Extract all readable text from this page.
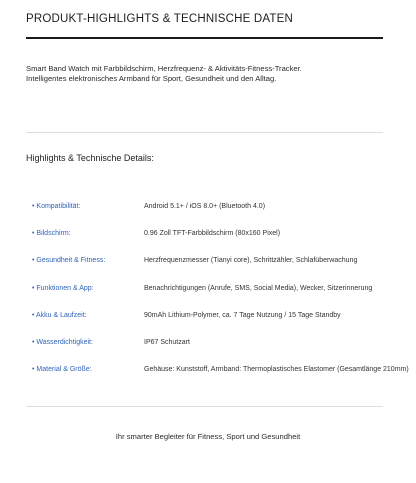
PRODUKT-HIGHLIGHTS & TECHNISCHE DATEN
Smart Band Watch mit Farbbildschirm, Herzfrequenz- & Aktivitäts-Fitness-Tracker.
Intelligentes elektronisches Armband für Sport, Gesundheit und den Alltag.
Highlights & Technische Details:
• Kompatibilität:	Android 5.1+ / iOS 8.0+ (Bluetooth 4.0)
• Bildschirm:	0.96 Zoll TFT-Farbbildschirm (80x160 Pixel)
• Gesundheit & Fitness:	Herzfrequenzmesser (Tianyi core), Schrittzähler, Schlafüberwachung
• Funktionen & App:	Benachrichtigungen (Anrufe, SMS, Social Media), Wecker, Sitzerinnerung
• Akku & Laufzeit:	90mAh Lithium-Polymer, ca. 7 Tage Nutzung / 15 Tage Standby
• Wasserdichtigkeit:	IP67 Schutzart
• Material & Größe:	Gehäuse: Kunststoff, Armband: Thermoplastisches Elastomer (Gesamtlänge 210mm)
Ihr smarter Begleiter für Fitness, Sport und Gesundheit
